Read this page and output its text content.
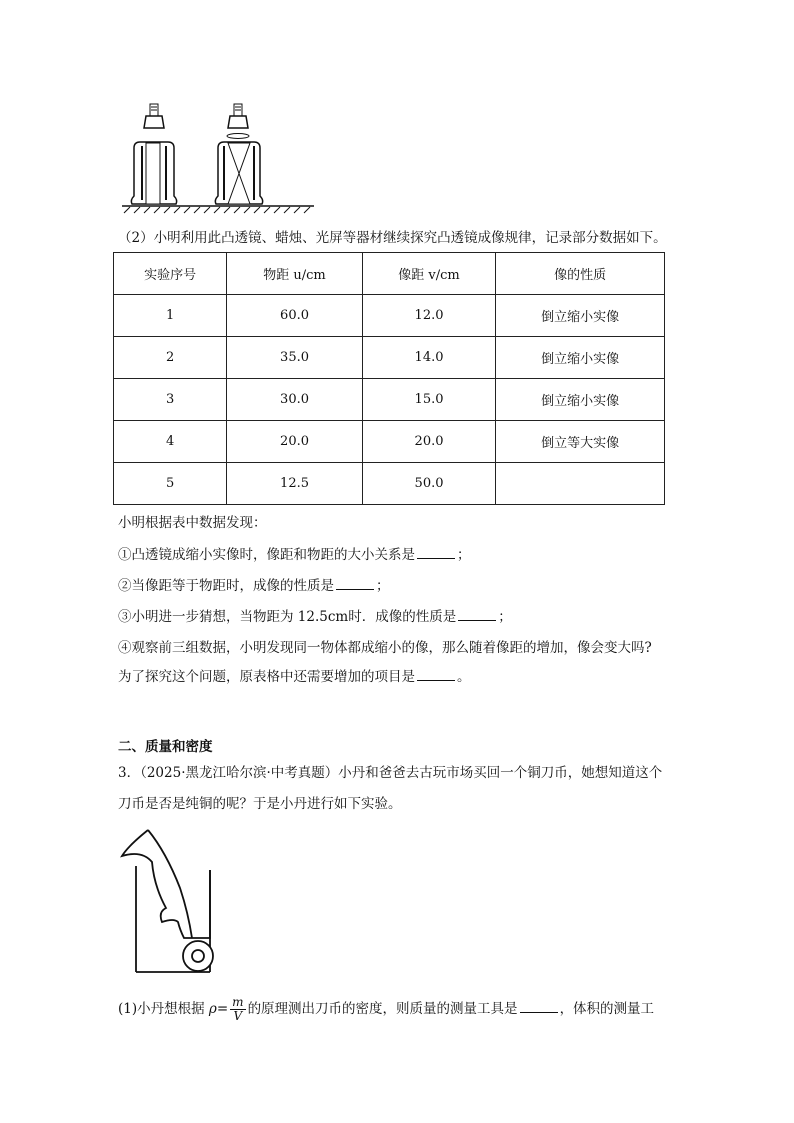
（2）小明利用此凸透镜、蜡烛、光屏等器材继续探究凸透镜成像规律，记录部分数据如下。
实验序号	物距 u/cm	像距 v/cm	像的性质
1	60.0	12.0	倒立缩小实像
2	35.0	14.0	倒立缩小实像
3	30.0	15.0	倒立缩小实像
4	20.0	20.0	倒立等大实像
5	12.5	50.0	
小明根据表中数据发现：
①凸透镜成缩小实像时，像距和物距的大小关系是	；
②当像距等于物距时，成像的性质是	；
③小明进一步猜想，当物距为 12.5cm时．成像的性质是	；
④观察前三组数据，小明发现同一物体都成缩小的像，那么随着像距的增加，像会变大吗?
为了探究这个问题，原表格中还需要增加的项目是	。
二、质量和密度
3．（2025·黑龙江哈尔滨·中考真题）小丹和爸爸去古玩市场买回一个铜刀币，她想知道这个
刀币是否是纯铜的呢？于是小丹进行如下实验。
(1)小丹想根据 $\rho= \frac{m}{V}$ 的原理测出刀币的密度，则质量的测量工具是	，体积的测量工
